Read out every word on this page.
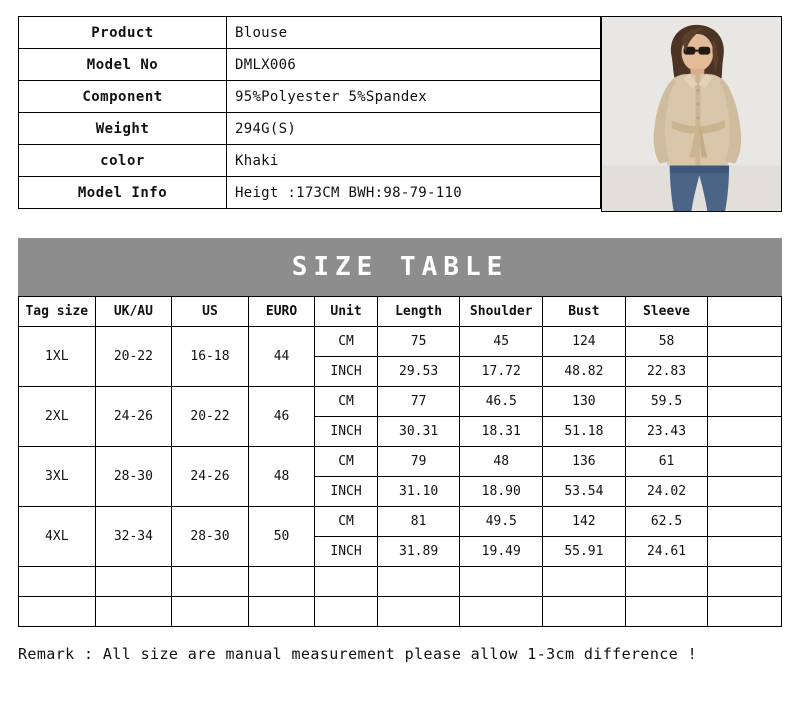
Product	Blouse
Model No	DMLX006
Component	95%Polyester 5%Spandex
Weight	294G(S)
color	Khaki
Model Info	Heigt :173CM BWH:98-79-110
SIZE TABLE
Tag size	UK/AU	US	EURO	Unit	Length	Shoulder	Bust	Sleeve	
1XL	20-22	16-18	44	CM	75	45	124	58	
				INCH	29.53	17.72	48.82	22.83	
2XL	24-26	20-22	46	CM	77	46.5	130	59.5	
				INCH	30.31	18.31	51.18	23.43	
3XL	28-30	24-26	48	CM	79	48	136	61	
				INCH	31.10	18.90	53.54	24.02	
4XL	32-34	28-30	50	CM	81	49.5	142	62.5	
				INCH	31.89	19.49	55.91	24.61	

Remark : All size are manual measurement please allow 1-3cm difference !
